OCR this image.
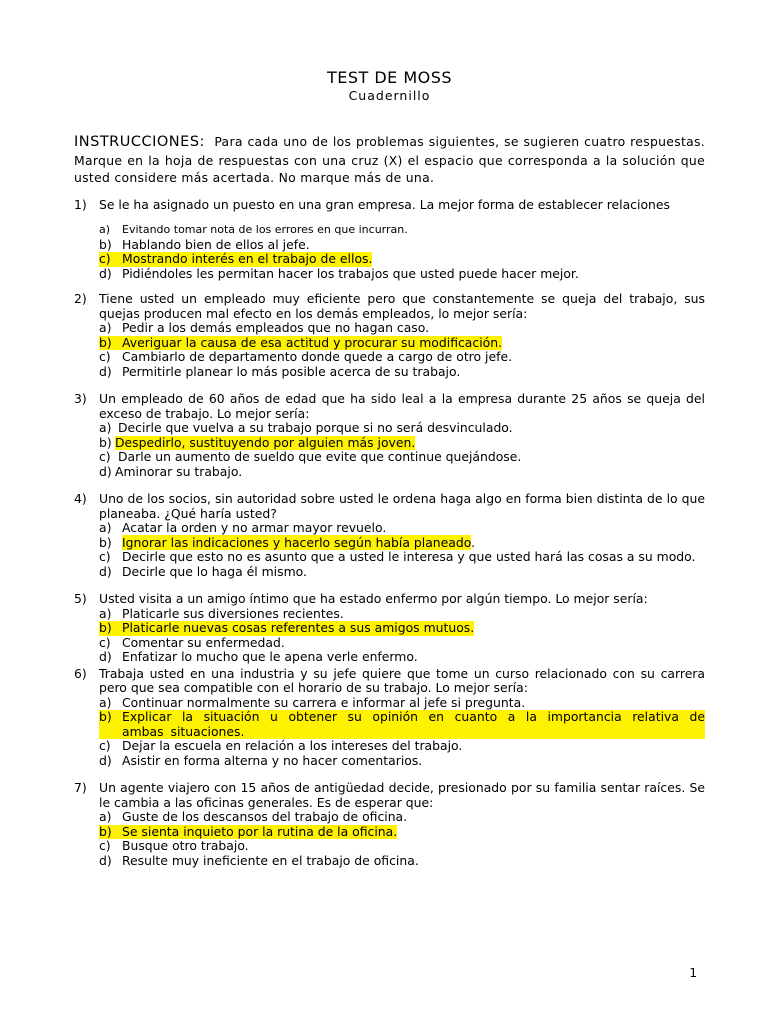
TEST DE MOSS
Cuadernillo
INSTRUCCIONES: Para cada uno de los problemas siguientes, se sugieren cuatro respuestas. Marque en la hoja de respuestas con una cruz (X) el espacio que corresponda a la solución que usted considere más acertada. No marque más de una.
1) Se le ha asignado un puesto en una gran empresa. La mejor forma de establecer relaciones
a)	Evitando tomar nota de los errores en que incurran.
b) Hablando bien de ellos al jefe.
c) Mostrando interés en el trabajo de ellos.
d) Pidiéndoles les permitan hacer los trabajos que usted puede hacer mejor.
2) Tiene usted un empleado muy eficiente pero que constantemente se queja del trabajo, sus quejas producen mal efecto en los demás empleados, lo mejor sería:
a) Pedir a los demás empleados que no hagan caso.
b) Averiguar la causa de esa actitud y procurar su modificación.
c) Cambiarlo de departamento donde quede a cargo de otro jefe.
d) Permitirle planear lo más posible acerca de su trabajo.
3) Un empleado de 60 años de edad que ha sido leal a la empresa durante 25 años se queja del exceso de trabajo. Lo mejor sería:
a) Decirle que vuelva a su trabajo porque si no será desvinculado.
b) Despedirlo, sustituyendo por alguien más joven.
c) Darle un aumento de sueldo que evite que continue quejándose.
d) Aminorar su trabajo.
4) Uno de los socios, sin autoridad sobre usted le ordena haga algo en forma bien distinta de lo que planeaba. ¿Qué haría usted?
a) Acatar la orden y no armar mayor revuelo.
b) Ignorar las indicaciones y hacerlo según había planeado.
c) Decirle que esto no es asunto que a usted le interesa y que usted hará las cosas a su modo.
d) Decirle que lo haga él mismo.
5) Usted visita a un amigo íntimo que ha estado enfermo por algún tiempo. Lo mejor sería:
a) Platicarle sus diversiones recientes.
b) Platicarle nuevas cosas referentes a sus amigos mutuos.
c) Comentar su enfermedad.
d) Enfatizar lo mucho que le apena verle enfermo.
6) Trabaja usted en una industria y su jefe quiere que tome un curso relacionado con su carrera pero que sea compatible con el horario de su trabajo. Lo mejor sería:
a) Continuar normalmente su carrera e informar al jefe si pregunta.
b) Explicar la situación u obtener su opinión en cuanto a la importancia relativa de ambas situaciones.
c) Dejar la escuela en relación a los intereses del trabajo.
d) Asistir en forma alterna y no hacer comentarios.
7) Un agente viajero con 15 años de antigüedad decide, presionado por su familia sentar raíces. Se le cambia a las oficinas generales. Es de esperar que:
a) Guste de los descansos del trabajo de oficina.
b) Se sienta inquieto por la rutina de la oficina.
c) Busque otro trabajo.
d) Resulte muy ineficiente en el trabajo de oficina.
1
